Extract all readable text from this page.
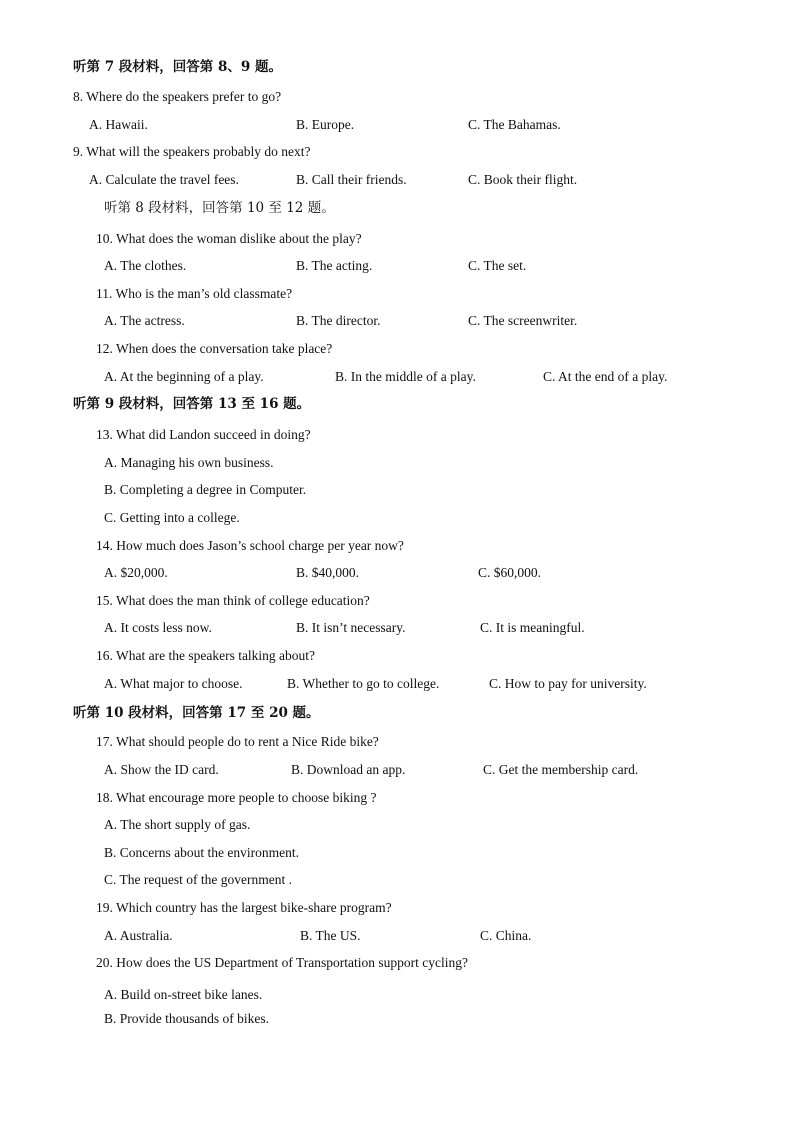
听第 7 段材料，回答第 8、9 题。
8. Where do the speakers prefer to go?
A. Hawaii.	B. Europe.	C. The Bahamas.
9. What will the speakers probably do next?
A. Calculate the travel fees.	B. Call their friends.	C. Book their flight.
听第 8 段材料，回答第 10 至 12 题。
10. What does the woman dislike about the play?
A. The clothes.	B. The acting.	C. The set.
11. Who is the man’s old classmate?
A. The actress.	B. The director.	C. The screenwriter.
12. When does the conversation take place?
A. At the beginning of a play.	B. In the middle of a play.	C. At the end of a play.
听第 9 段材料，回答第 13 至 16 题。
13. What did Landon succeed in doing?
A. Managing his own business.
B. Completing a degree in Computer.
C. Getting into a college.
14. How much does Jason’s school charge per year now?
A. $20,000.	B. $40,000.	C. $60,000.
15. What does the man think of college education?
A. It costs less now.	B. It isn’t necessary.	C. It is meaningful.
16. What are the speakers talking about?
A. What major to choose.	B. Whether to go to college.	C. How to pay for university.
听第 10 段材料，回答第 17 至 20 题。
17. What should people do to rent a Nice Ride bike?
A. Show the ID card.	B. Download an app.	C. Get the membership card.
18. What encourage more people to choose biking ?
A. The short supply of gas.
B. Concerns about the environment.
C. The request of the government .
19. Which country has the largest bike-share program?
A. Australia.	B. The US.	C. China.
20. How does the US Department of Transportation support cycling?
A. Build on-street bike lanes.
B. Provide thousands of bikes.
